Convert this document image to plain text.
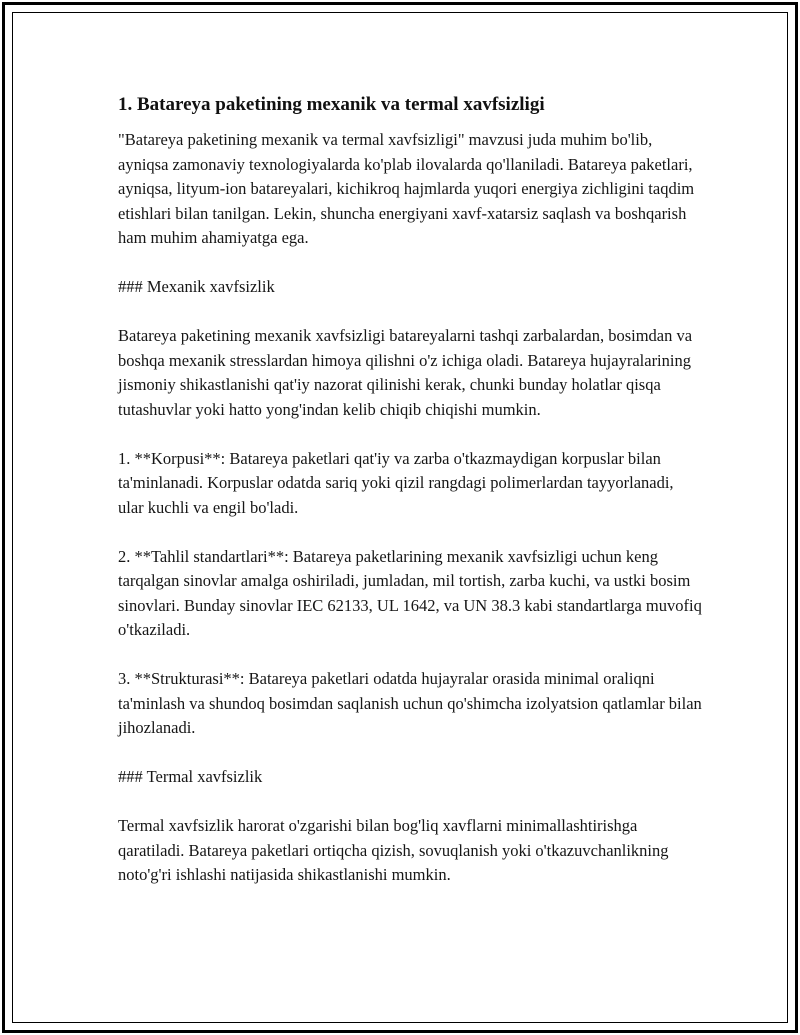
1. Batareya paketining mexanik va termal xavfsizligi

"Batareya paketining mexanik va termal xavfsizligi" mavzusi juda muhim bo'lib, ayniqsa zamonaviy texnologiyalarda ko'plab ilovalarda qo'llaniladi. Batareya paketlari, ayniqsa, lityum-ion batareyalari, kichikroq hajmlarda yuqori energiya zichligini taqdim etishlari bilan tanilgan. Lekin, shuncha energiyani xavf-xatarsiz saqlash va boshqarish ham muhim ahamiyatga ega.

### Mexanik xavfsizlik

Batareya paketining mexanik xavfsizligi batareyalarni tashqi zarbalardan, bosimdan va boshqa mexanik stresslardan himoya qilishni o'z ichiga oladi. Batareya hujayralarining jismoniy shikastlanishi qat'iy nazorat qilinishi kerak, chunki bunday holatlar qisqa tutashuvlar yoki hatto yong'indan kelib chiqib chiqishi mumkin.

1. **Korpusi**: Batareya paketlari qat'iy va zarba o'tkazmaydigan korpuslar bilan ta'minlanadi. Korpuslar odatda sariq yoki qizil rangdagi polimerlardan tayyorlanadi, ular kuchli va engil bo'ladi.

2. **Tahlil standartlari**: Batareya paketlarining mexanik xavfsizligi uchun keng tarqalgan sinovlar amalga oshiriladi, jumladan, mil tortish, zarba kuchi, va ustki bosim sinovlari. Bunday sinovlar IEC 62133, UL 1642, va UN 38.3 kabi standartlarga muvofiq o'tkaziladi.

3. **Strukturasi**: Batareya paketlari odatda hujayralar orasida minimal oraliqni ta'minlash va shundoq bosimdan saqlanish uchun qo'shimcha izolyatsion qatlamlar bilan jihozlanadi.

### Termal xavfsizlik

Termal xavfsizlik harorat o'zgarishi bilan bog'liq xavflarni minimallashtirishga qaratiladi. Batareya paketlari ortiqcha qizish, sovuqlanish yoki o'tkazuvchanlikning noto'g'ri ishlashi natijasida shikastlanishi mumkin.
